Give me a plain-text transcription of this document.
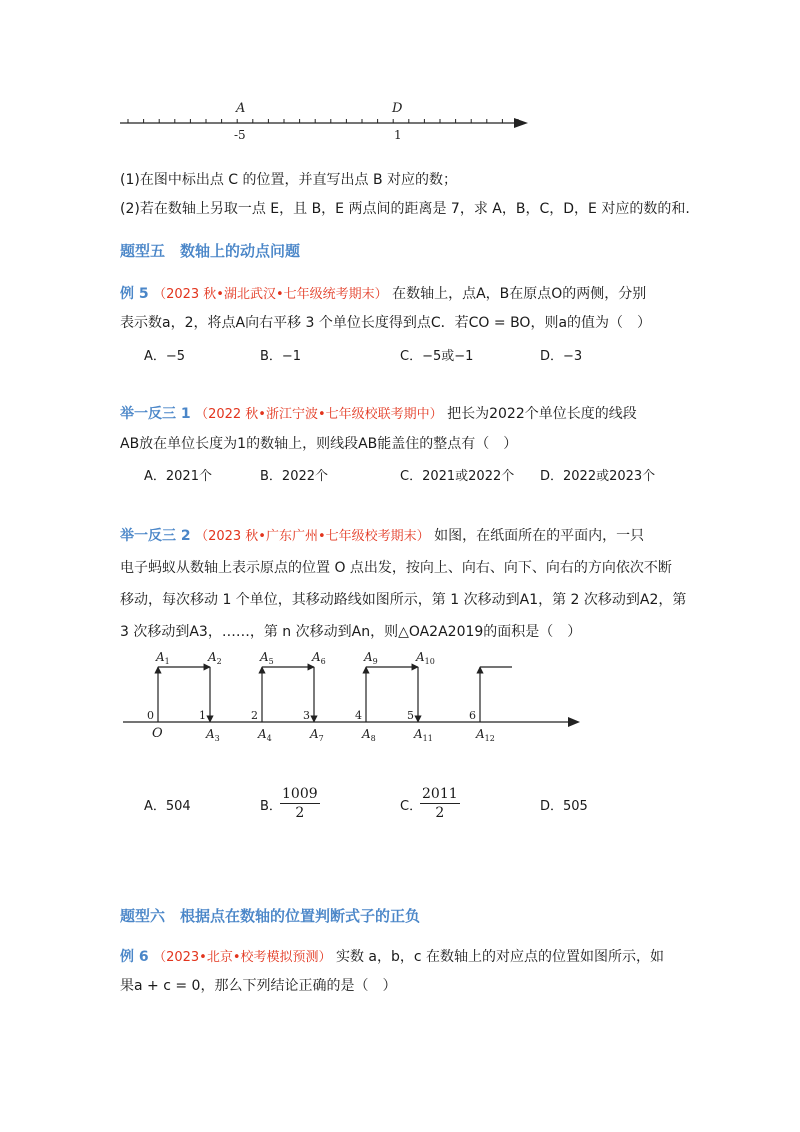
A	D
-5	1
(1)在图中标出点 C 的位置，并直写出点 B 对应的数；
(2)若在数轴上另取一点 E，且 B，E 两点间的距离是 7，求 A，B，C，D，E 对应的数的和.
题型五　数轴上的动点问题
例 5 （2023 秋•湖北武汉•七年级统考期末） 在数轴上，点A，B在原点O的两侧，分别
表示数a，2，将点A向右平移 3 个单位长度得到点C．若CO = BO，则a的值为（　）
A．−5	B．−1	C．−5或−1	D．−3
举一反三 1 （2022 秋•浙江宁波•七年级校联考期中） 把长为2022个单位长度的线段
AB放在单位长度为1的数轴上，则线段AB能盖住的整点有（　）
A．2021个	B．2022个	C．2021或2022个 D．2022或2023个
举一反三 2 （2023 秋•广东广州•七年级校考期末） 如图，在纸面所在的平面内，一只
电子蚂蚁从数轴上表示原点的位置 O 点出发，按向上、向右、向下、向右的方向依次不断
移动，每次移动 1 个单位，其移动路线如图所示，第 1 次移动到A1，第 2 次移动到A2，第
3 次移动到A3，……，第 n 次移动到An，则△OA2A2019的面积是（　）
0	1	2	3	4	5	6
O
$A_1$	$A_2$	$A_5$	$A_6$	$A_9$	$A_{10}$
$A_3$	$A_4$	$A_7$	$A_8$	$A_{11}$	$A_{12}$
A．504	B．
$\frac{1009}{2}$	C．
$\frac{2011}{2}$	D．505
题型六　根据点在数轴的位置判断式子的正负
例 6 （2023•北京•校考模拟预测） 实数 a，b，c 在数轴上的对应点的位置如图所示，如
果a + c = 0，那么下列结论正确的是（　）
